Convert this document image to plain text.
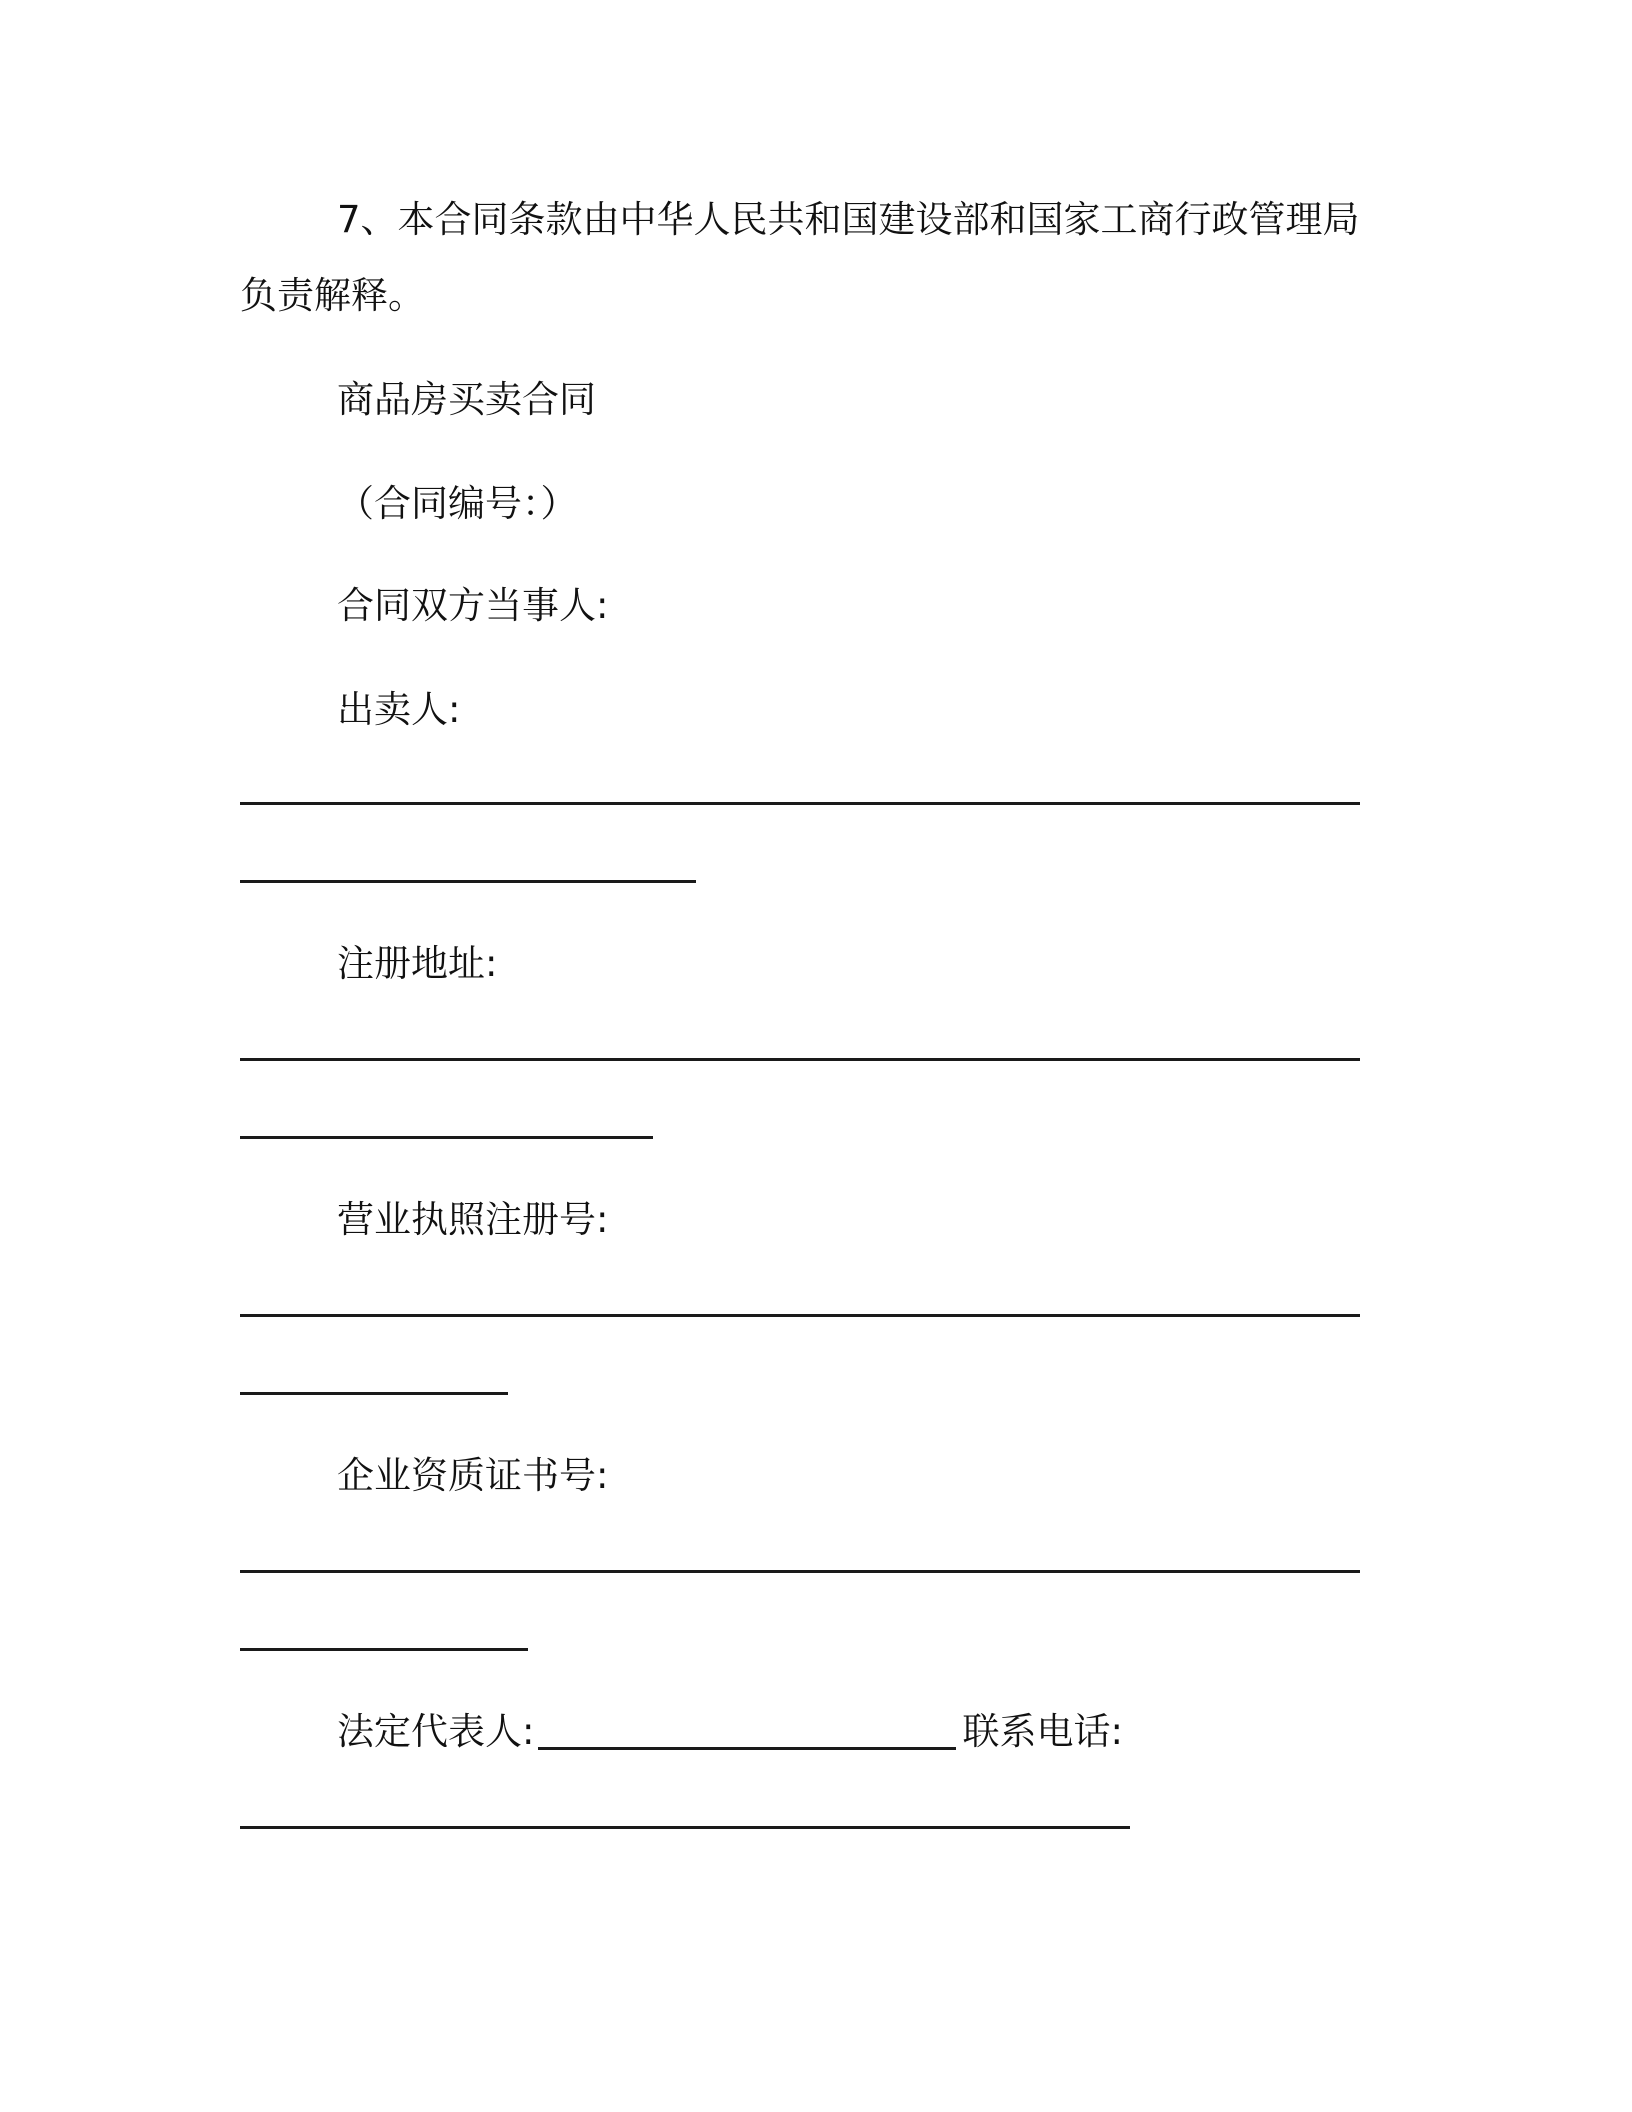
7、本合同条款由中华人民共和国建设部和国家工商行政管理局
负责解释。
商品房买卖合同
（合同编号：）
合同双方当事人:
出卖人:
注册地址:
营业执照注册号:
企业资质证书号:
法定代表人:	联系电话:
